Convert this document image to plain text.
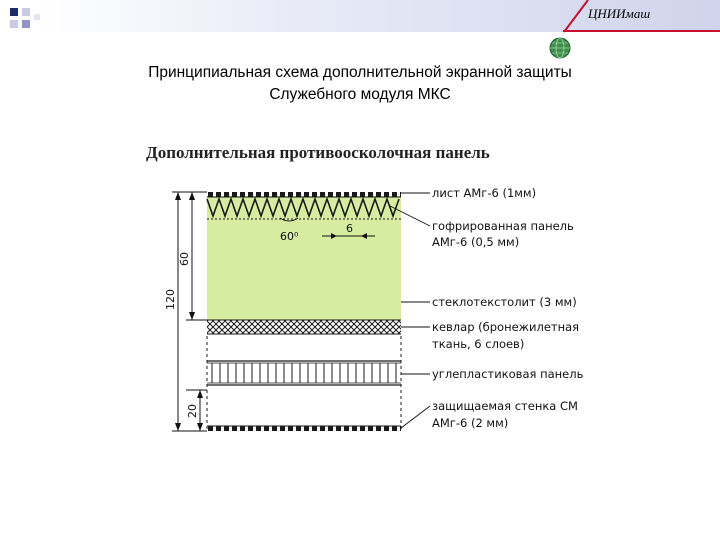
ЦНИИмаш
Принципиальная схема дополнительной экранной защиты
Служебного модуля МКС
Дополнительная противоосколочная панель
60⁰
6
120
60
20
лист АМг-6 (1мм)
гофрированная панель
АМг-6 (0,5 мм)
стеклотекстолит (3 мм)
кевлар (бронежилетная
ткань, 6 слоев)
углепластиковая панель
защищаемая стенка СМ
АМг-6 (2 мм)
